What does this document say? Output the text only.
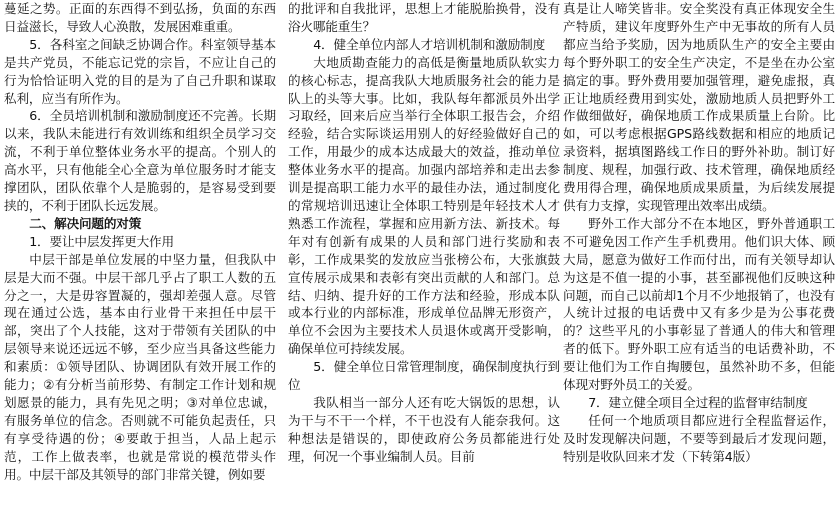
蔓延之势。正面的东西得不到弘扬，负面的东西日益滋长，导致人心涣散，发展困难重重。

5．各科室之间缺乏协调合作。科室领导基本是共产党员，不能忘记党的宗旨，不应让自己的行为恰恰证明入党的目的是为了自己升职和谋取私利，应当有所作为。

6．全员培训机制和激励制度还不完善。长期以来，我队未能进行有效训练和组织全员学习交流，不利于单位整体业务水平的提高。个别人的高水平，只有他能全心全意为单位服务时才能支撑团队，团队依靠个人是脆弱的，是容易受到要挟的，不利于团队长远发展。

二、解决问题的对策

1．要让中层发挥更大作用

中层干部是单位发展的中坚力量，但我队中层是大而不强。中层干部几乎占了职工人数的五分之一，大是毋容置凝的，强却差强人意。尽管现在通过公选，基本由行业骨干来担任中层干部，突出了个人技能，这对于带领有关团队的中层领导来说还远远不够，至少应当具备这些能力和素质：①领导团队、协调团队有效开展工作的能力；②有分析当前形势、有制定工作计划和规划愿景的能力，具有先见之明；③对单位忠诚，有服务单位的信念。否则就不可能负起责任，只有享受待遇的份；④要敢于担当，人品上起示范，工作上做表率，也就是常说的模范带头作用。中层干部及其领导的部门非常关键，例如要

的批评和自我批评，思想上才能脱胎换骨，没有浴火哪能重生？

4．健全单位内部人才培训机制和激励制度

大地质勘查能力的高低是衡量地质队软实力的核心标志，提高我队大地质服务社会的能力是队上的头等大事。比如，我队每年都派员外出学习取经，回来后应当举行全体职工报告会，介绍经验，结合实际谈运用别人的好经验做好自己的工作，用最少的成本达成最大的效益，推动单位整体业务水平的提高。加强内部培养和走出去参训是提高职工能力水平的最佳办法，通过制度化的常规培训迅速让全体职工特别是年轻技术人才熟悉工作流程，掌握和应用新方法、新技术。每年对有创新有成果的人员和部门进行奖励和表彰，工作成果奖的发放应当张榜公布，大张旗鼓宣传展示成果和表彰有突出贡献的人和部门。总结、归纳、提升好的工作方法和经验，形成本队或本行业的内部标准，形成单位品牌无形资产，单位不会因为主要技术人员退休或离开受影响，确保单位可持续发展。

5．健全单位日常管理制度，确保制度执行到位

我队相当一部分人还有吃大锅饭的思想，认为干与不干一个样，不干也没有人能奈我何。这种想法是错误的，即使政府公务员都能进行处理，何况一个事业编制人员。目前

真是让人啼笑皆非。安全奖没有真正体现安全生产特质，建议年度野外生产中无事故的所有人员都应当给予奖励，因为地质队生产的安全主要由每个野外职工的安全生产决定，不是坐在办公室搞定的事。野外费用要加强管理，避免虚报，真正让地质经费用到实处，激励地质人员把野外工作做细做好，确保地质工作成果质量上台阶。比如，可以考虑根据GPS路线数据和相应的地质记录资料，据填图路线工作日的野外补助。制订好制度、规程，加强行政、技术管理，确保地质经费用得合理，确保地质成果质量，为后续发展提供有力支撑，实现管理出效率出成绩。

野外工作大部分不在本地区，野外普通职工不可避免因工作产生手机费用。他们识大体、顾大局，愿意为做好工作而付出，而有关领导却认为这是不值一提的小事，甚至鄙视他们反映这种问题，而自己以前却1个月不少地报销了，也没有人统计过报的电话费中又有多少是为公事花费的？这些平凡的小事彰显了普通人的伟大和管理者的低下。野外职工应有适当的电话费补助，不要让他们为工作自掏腰包，虽然补助不多，但能体现对野外员工的关爱。

7．建立健全项目全过程的监督审结制度

任何一个地质项目都应进行全程监督运作，及时发现解决问题，不要等到最后才发现问题，特别是收队回来才发（下转第4版）
